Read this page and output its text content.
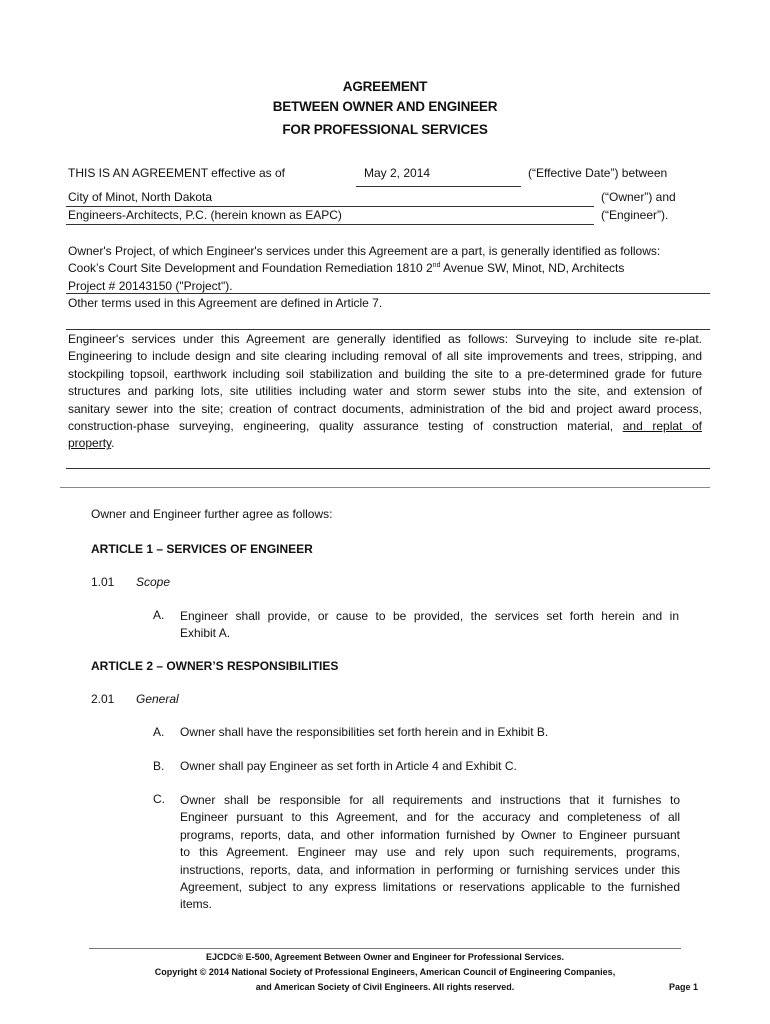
AGREEMENT
BETWEEN OWNER AND ENGINEER
FOR PROFESSIONAL SERVICES
THIS IS AN AGREEMENT effective as of	May 2, 2014	(“Effective Date”) between
City of Minot, North Dakota	(“Owner”) and
Engineers-Architects, P.C. (herein known as EAPC)	(“Engineer”).
Owner's Project, of which Engineer's services under this Agreement are a part, is generally identified as follows:
Cook’s Court Site Development and Foundation Remediation 1810 2nd Avenue SW, Minot, ND, Architects
Project # 20143150 ("Project").
Other terms used in this Agreement are defined in Article 7.
Engineer's services under this Agreement are generally identified as follows: Surveying to include site re-plat.
Engineering to include design and site clearing including removal of all site improvements and trees, stripping, and
stockpiling topsoil, earthwork including soil stabilization and building the site to a pre-determined grade for future
structures and parking lots, site utilities including water and storm sewer stubs into the site, and extension of
sanitary sewer into the site; creation of contract documents, administration of the bid and project award process,
construction-phase surveying, engineering, quality assurance testing of construction material, and replat of
property.
Owner and Engineer further agree as follows:
ARTICLE 1 – SERVICES OF ENGINEER
1.01 Scope
A. Engineer shall provide, or cause to be provided, the services set forth herein and in
Exhibit A.
ARTICLE 2 – OWNER’S RESPONSIBILITIES
2.01 General
A. Owner shall have the responsibilities set forth herein and in Exhibit B.
B. Owner shall pay Engineer as set forth in Article 4 and Exhibit C.
C. Owner shall be responsible for all requirements and instructions that it furnishes to
Engineer pursuant to this Agreement, and for the accuracy and completeness of all
programs, reports, data, and other information furnished by Owner to Engineer pursuant
to this Agreement. Engineer may use and rely upon such requirements, programs,
instructions, reports, data, and information in performing or furnishing services under this
Agreement, subject to any express limitations or reservations applicable to the furnished
items.
EJCDC® E-500, Agreement Between Owner and Engineer for Professional Services.
Copyright © 2014 National Society of Professional Engineers, American Council of Engineering Companies,
and American Society of Civil Engineers. All rights reserved.	Page 1
